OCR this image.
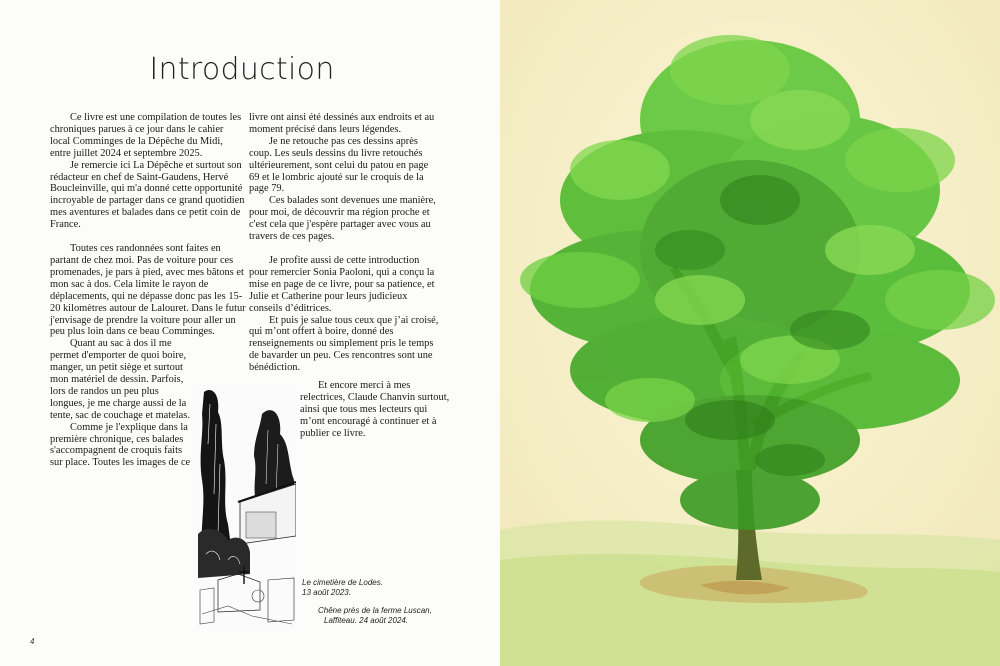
Introduction

Ce livre est une compilation de toutes les chroniques parues à ce jour dans le cahier local Comminges de la Dépêche du Midi, entre juillet 2024 et septembre 2025.

Je remercie ici La Dépêche et surtout son rédacteur en chef de Saint-Gaudens, Hervé Boucleinville, qui m'a donné cette opportunité incroyable de partager dans ce grand quotidien mes aventures et balades dans ce petit coin de France.

Toutes ces randonnées sont faites en partant de chez moi. Pas de voiture pour ces promenades, je pars à pied, avec mes bâtons et mon sac à dos. Cela limite le rayon de déplacements, qui ne dépasse donc pas les 15-20 kilomètres autour de Lalouret. Dans le futur j'envisage de prendre la voiture pour aller un peu plus loin dans ce beau Comminges.

Quant au sac à dos il me permet d'emporter de quoi boire, manger, un petit siège et surtout mon matériel de dessin. Parfois, lors de randos un peu plus longues, je me charge aussi de la tente, sac de couchage et matelas.

Comme je l'explique dans la première chronique, ces balades s'accompagnent de croquis faits sur place. Toutes les images de ce

livre ont ainsi été dessinés aux endroits et au moment précisé dans leurs légendes.

Je ne retouche pas ces dessins après coup. Les seuls dessins du livre retouchés ultérieurement, sont celui du patou en page 69 et le lombric ajouté sur le croquis de la page 79.

Ces balades sont devenues une manière, pour moi, de découvrir ma région proche et c'est cela que j'espère partager avec vous au travers de ces pages.

Je profite aussi de cette introduction pour remercier Sonia Paoloni, qui a conçu la mise en page de ce livre, pour sa patience, et Julie et Catherine pour leurs judicieux conseils d’éditrices.

Et puis je salue tous ceux que j’ai croisé, qui m’ont offert à boire, donné des renseignements ou simplement pris le temps de bavarder un peu. Ces rencontres sont une bénédiction.

Et encore merci à mes relectrices, Claude Chanvin surtout, ainsi que tous mes lecteurs qui m’ont encouragé à continuer et à publier ce livre.

Le cimetière de Lodes.
13 août 2023.
Chêne près de la ferme Luscan,
Laffiteau. 24 août 2024.
4
